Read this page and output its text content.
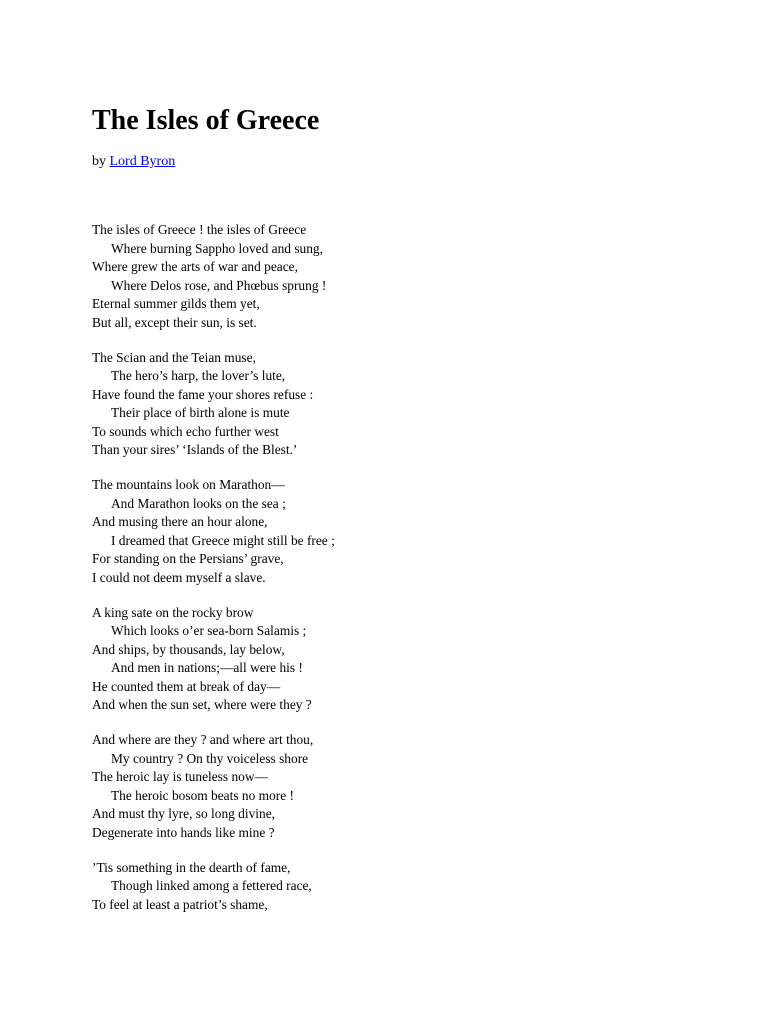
The Isles of Greece
by Lord Byron
The isles of Greece ! the isles of Greece
Where burning Sappho loved and sung,
Where grew the arts of war and peace,
Where Delos rose, and Phœbus sprung !
Eternal summer gilds them yet,
But all, except their sun, is set.
The Scian and the Teian muse,
The hero’s harp, the lover’s lute,
Have found the fame your shores refuse :
Their place of birth alone is mute
To sounds which echo further west
Than your sires’ ‘Islands of the Blest.’
The mountains look on Marathon—
And Marathon looks on the sea ;
And musing there an hour alone,
I dreamed that Greece might still be free ;
For standing on the Persians’ grave,
I could not deem myself a slave.
A king sate on the rocky brow
Which looks o’er sea-born Salamis ;
And ships, by thousands, lay below,
And men in nations;—all were his !
He counted them at break of day—
And when the sun set, where were they ?
And where are they ? and where art thou,
My country ? On thy voiceless shore
The heroic lay is tuneless now—
The heroic bosom beats no more !
And must thy lyre, so long divine,
Degenerate into hands like mine ?
’Tis something in the dearth of fame,
Though linked among a fettered race,
To feel at least a patriot’s shame,
